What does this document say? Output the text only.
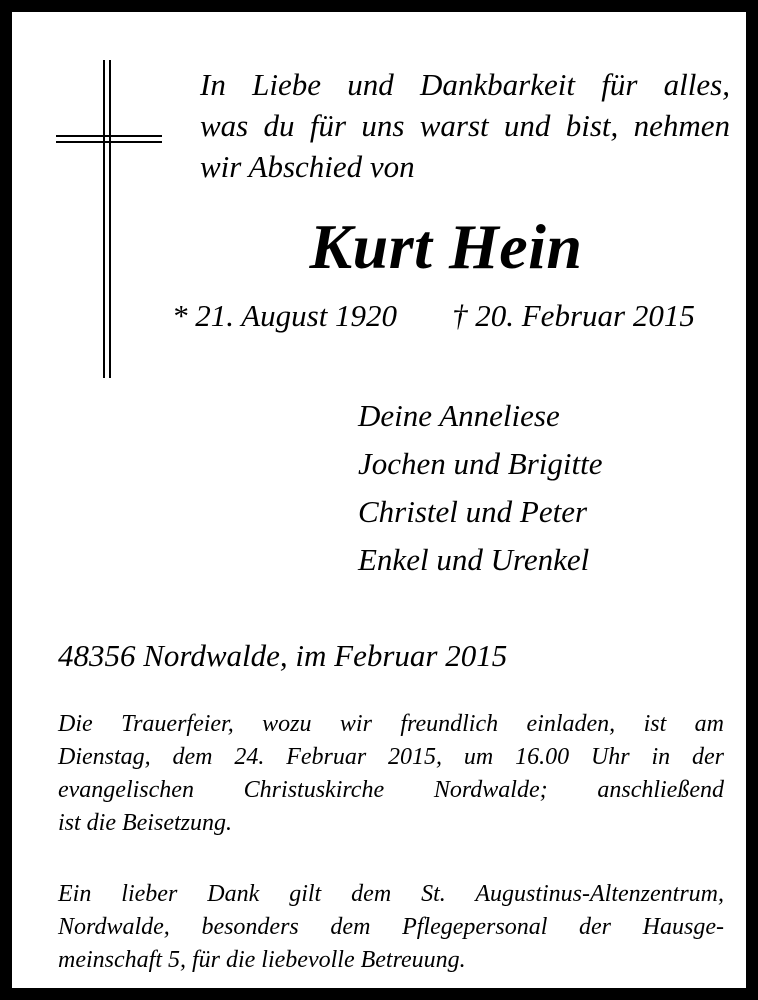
In Liebe und Dankbarkeit für alles,
was du für uns warst und bist, nehmen
wir Abschied von
Kurt Hein
* 21. August 1920 † 20. Februar 2015
Deine Anneliese
Jochen und Brigitte
Christel und Peter
Enkel und Urenkel
48356 Nordwalde, im Februar 2015
Die Trauerfeier, wozu wir freundlich einladen, ist am
Dienstag, dem 24. Februar 2015, um 16.00 Uhr in der
evangelischen Christuskirche Nordwalde; anschließend
ist die Beisetzung.
Ein lieber Dank gilt dem St. Augustinus-Altenzentrum,
Nordwalde, besonders dem Pflegepersonal der Hausge-
meinschaft 5, für die liebevolle Betreuung.
